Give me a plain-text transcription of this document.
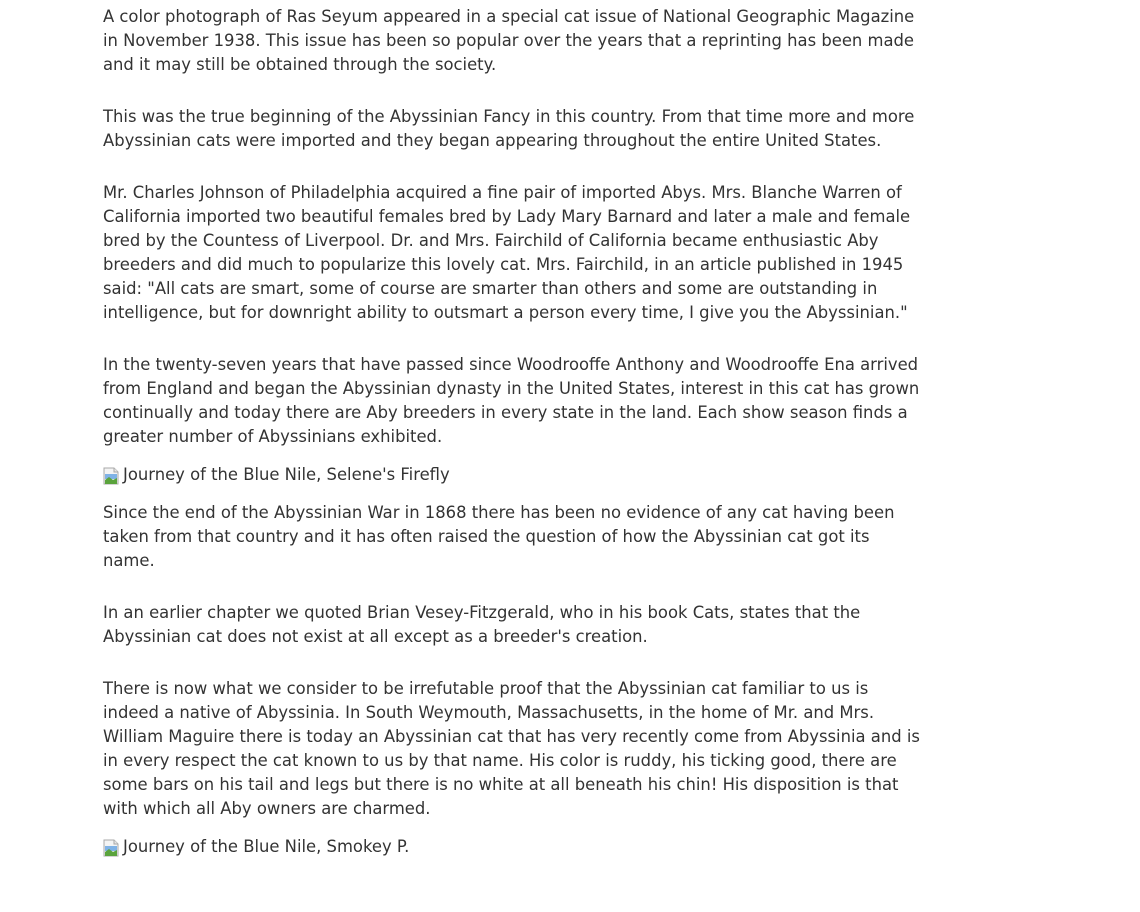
A color photograph of Ras Seyum appeared in a special cat issue of National Geographic Magazine in November 1938. This issue has been so popular over the years that a reprinting has been made and it may still be obtained through the society.

This was the true beginning of the Abyssinian Fancy in this country. From that time more and more Abyssinian cats were imported and they began appearing throughout the entire United States.

Mr. Charles Johnson of Philadelphia acquired a fine pair of imported Abys. Mrs. Blanche Warren of California imported two beautiful females bred by Lady Mary Barnard and later a male and female bred by the Countess of Liverpool. Dr. and Mrs. Fairchild of California became enthusiastic Aby breeders and did much to popularize this lovely cat. Mrs. Fairchild, in an article published in 1945 said: "All cats are smart, some of course are smarter than others and some are outstanding in intelligence, but for downright ability to outsmart a person every time, I give you the Abyssinian."

In the twenty-seven years that have passed since Woodrooffe Anthony and Woodrooffe Ena arrived from England and began the Abyssinian dynasty in the United States, interest in this cat has grown continually and today there are Aby breeders in every state in the land. Each show season finds a greater number of Abyssinians exhibited.

Journey of the Blue Nile, Selene's Firefly

Since the end of the Abyssinian War in 1868 there has been no evidence of any cat having been taken from that country and it has often raised the question of how the Abyssinian cat got its name.

In an earlier chapter we quoted Brian Vesey-Fitzgerald, who in his book Cats, states that the Abyssinian cat does not exist at all except as a breeder's creation.

There is now what we consider to be irrefutable proof that the Abyssinian cat familiar to us is indeed a native of Abyssinia. In South Weymouth, Massachusetts, in the home of Mr. and Mrs. William Maguire there is today an Abyssinian cat that has very recently come from Abyssinia and is in every respect the cat known to us by that name. His color is ruddy, his ticking good, there are some bars on his tail and legs but there is no white at all beneath his chin! His disposition is that with which all Aby owners are charmed.

Journey of the Blue Nile, Smokey P.
